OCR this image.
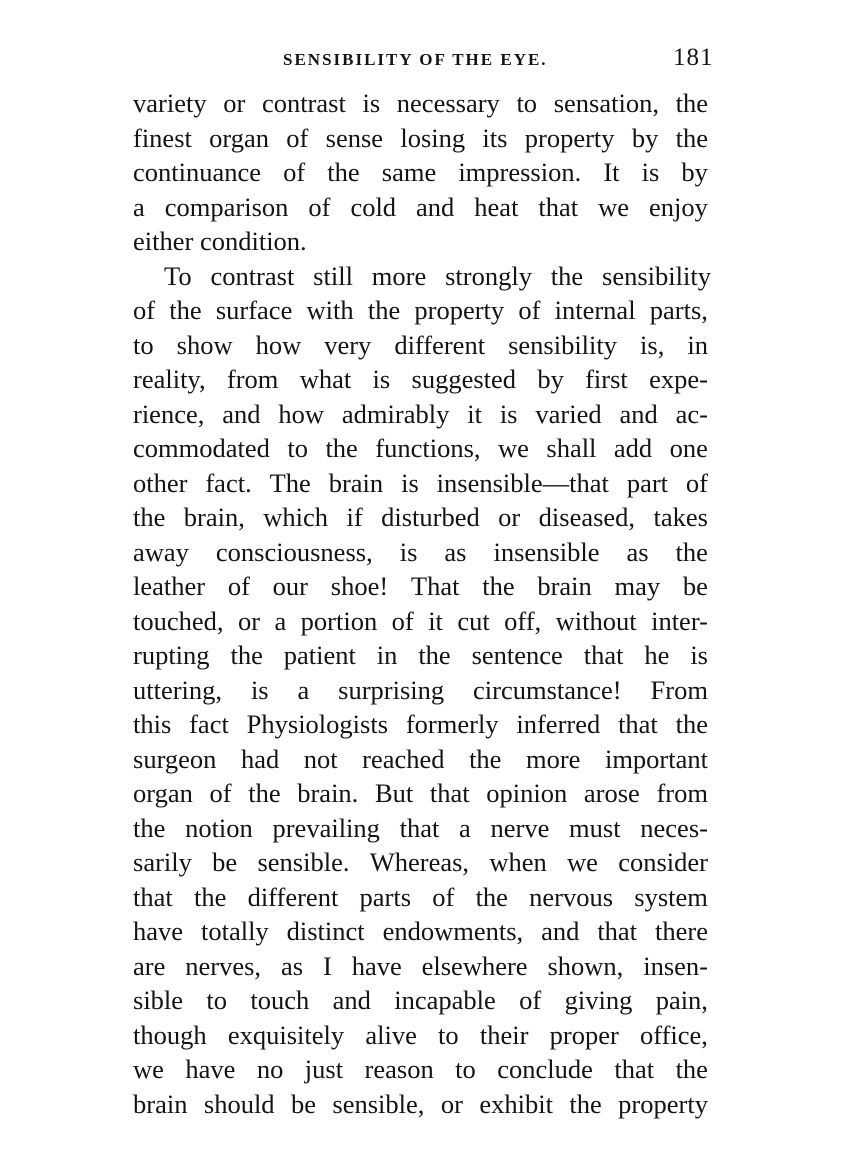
SENSIBILITY OF THE EYE.	181
variety or contrast is necessary to sensation, the
finest organ of sense losing its property by the
continuance of the same impression. It is by
a comparison of cold and heat that we enjoy
either condition.
To contrast still more strongly the sensibility
of the surface with the property of internal parts,
to show how very different sensibility is, in
reality, from what is suggested by first expe-
rience, and how admirably it is varied and ac-
commodated to the functions, we shall add one
other fact. The brain is insensible—that part of
the brain, which if disturbed or diseased, takes
away consciousness, is as insensible as the
leather of our shoe! That the brain may be
touched, or a portion of it cut off, without inter-
rupting the patient in the sentence that he is
uttering, is a surprising circumstance! From
this fact Physiologists formerly inferred that the
surgeon had not reached the more important
organ of the brain. But that opinion arose from
the notion prevailing that a nerve must neces-
sarily be sensible. Whereas, when we consider
that the different parts of the nervous system
have totally distinct endowments, and that there
are nerves, as I have elsewhere shown, insen-
sible to touch and incapable of giving pain,
though exquisitely alive to their proper office,
we have no just reason to conclude that the
brain should be sensible, or exhibit the property
